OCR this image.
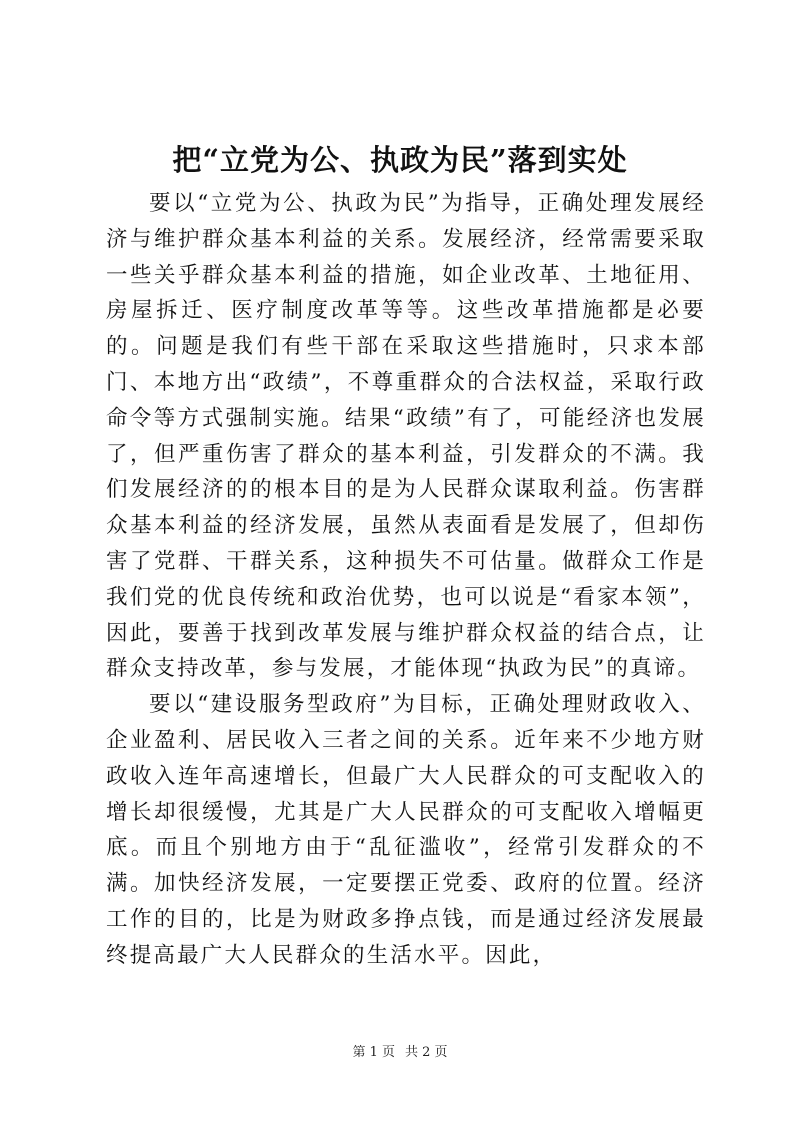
把“立党为公、执政为民”落到实处

要以“立党为公、执政为民”为指导，正确处理发展经济与维护群众基本利益的关系。发展经济，经常需要采取一些关乎群众基本利益的措施，如企业改革、土地征用、房屋拆迁、医疗制度改革等等。这些改革措施都是必要的。问题是我们有些干部在采取这些措施时，只求本部门、本地方出“政绩”，不尊重群众的合法权益，采取行政命令等方式强制实施。结果“政绩”有了，可能经济也发展了，但严重伤害了群众的基本利益，引发群众的不满。我们发展经济的的根本目的是为人民群众谋取利益。伤害群众基本利益的经济发展，虽然从表面看是发展了，但却伤害了党群、干群关系，这种损失不可估量。做群众工作是我们党的优良传统和政治优势，也可以说是“看家本领”，因此，要善于找到改革发展与维护群众权益的结合点，让群众支持改革，参与发展，才能体现“执政为民”的真谛。

要以“建设服务型政府”为目标，正确处理财政收入、企业盈利、居民收入三者之间的关系。近年来不少地方财政收入连年高速增长，但最广大人民群众的可支配收入的增长却很缓慢，尤其是广大人民群众的可支配收入增幅更底。而且个别地方由于“乱征滥收”，经常引发群众的不满。加快经济发展，一定要摆正党委、政府的位置。经济工作的目的，比是为财政多挣点钱，而是通过经济发展最终提高最广大人民群众的生活水平。因此，

第 1 页 共 2 页
